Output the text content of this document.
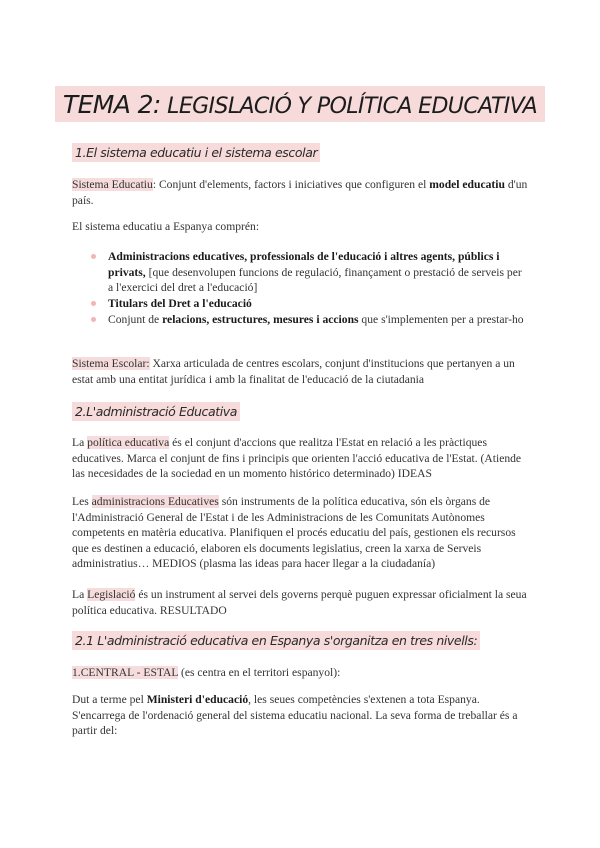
TEMA 2: LEGISLACIÓ Y POLÍTICA EDUCATIVA
1.El sistema educatiu i el sistema escolar

Sistema Educatiu: Conjunt d'elements, factors i iniciatives que configuren el model educatiu d'un país.

El sistema educatiu a Espanya comprén:

Administracions educatives, professionals de l'educació i altres agents, públics i privats, [que desenvolupen funcions de regulació, finançament o prestació de serveis per a l'exercici del dret a l'educació]

Titulars del Dret a l'educació

Conjunt de relacions, estructures, mesures i accions que s'implementen per a prestar-ho

Sistema Escolar: Xarxa articulada de centres escolars, conjunt d'institucions que pertanyen a un estat amb una entitat jurídica i amb la finalitat de l'educació de la ciutadania

2.L'administració Educativa

La política educativa és el conjunt d'accions que realitza l'Estat en relació a les pràctiques educatives. Marca el conjunt de fins i principis que orienten l'acció educativa de l'Estat. (Atiende las necesidades de la sociedad en un momento histórico determinado) IDEAS

Les administracions Educatives són instruments de la política educativa, són els òrgans de l'Administració General de l'Estat i de les Administracions de les Comunitats Autònomes competents en matèria educativa. Planifiquen el procés educatiu del país, gestionen els recursos que es destinen a educació, elaboren els documents legislatius, creen la xarxa de Serveis administratius… MEDIOS (plasma las ideas para hacer llegar a la ciudadanía)

La Legislació és un instrument al servei dels governs perquè puguen expressar oficialment la seua política educativa. RESULTADO

2.1 L'administració educativa en Espanya s'organitza en tres nivells:

1.CENTRAL - ESTAL (es centra en el territori espanyol):

Dut a terme pel Ministeri d'educació, les seues competències s'extenen a tota Espanya. S'encarrega de l'ordenació general del sistema educatiu nacional. La seva forma de treballar és a partir del:
